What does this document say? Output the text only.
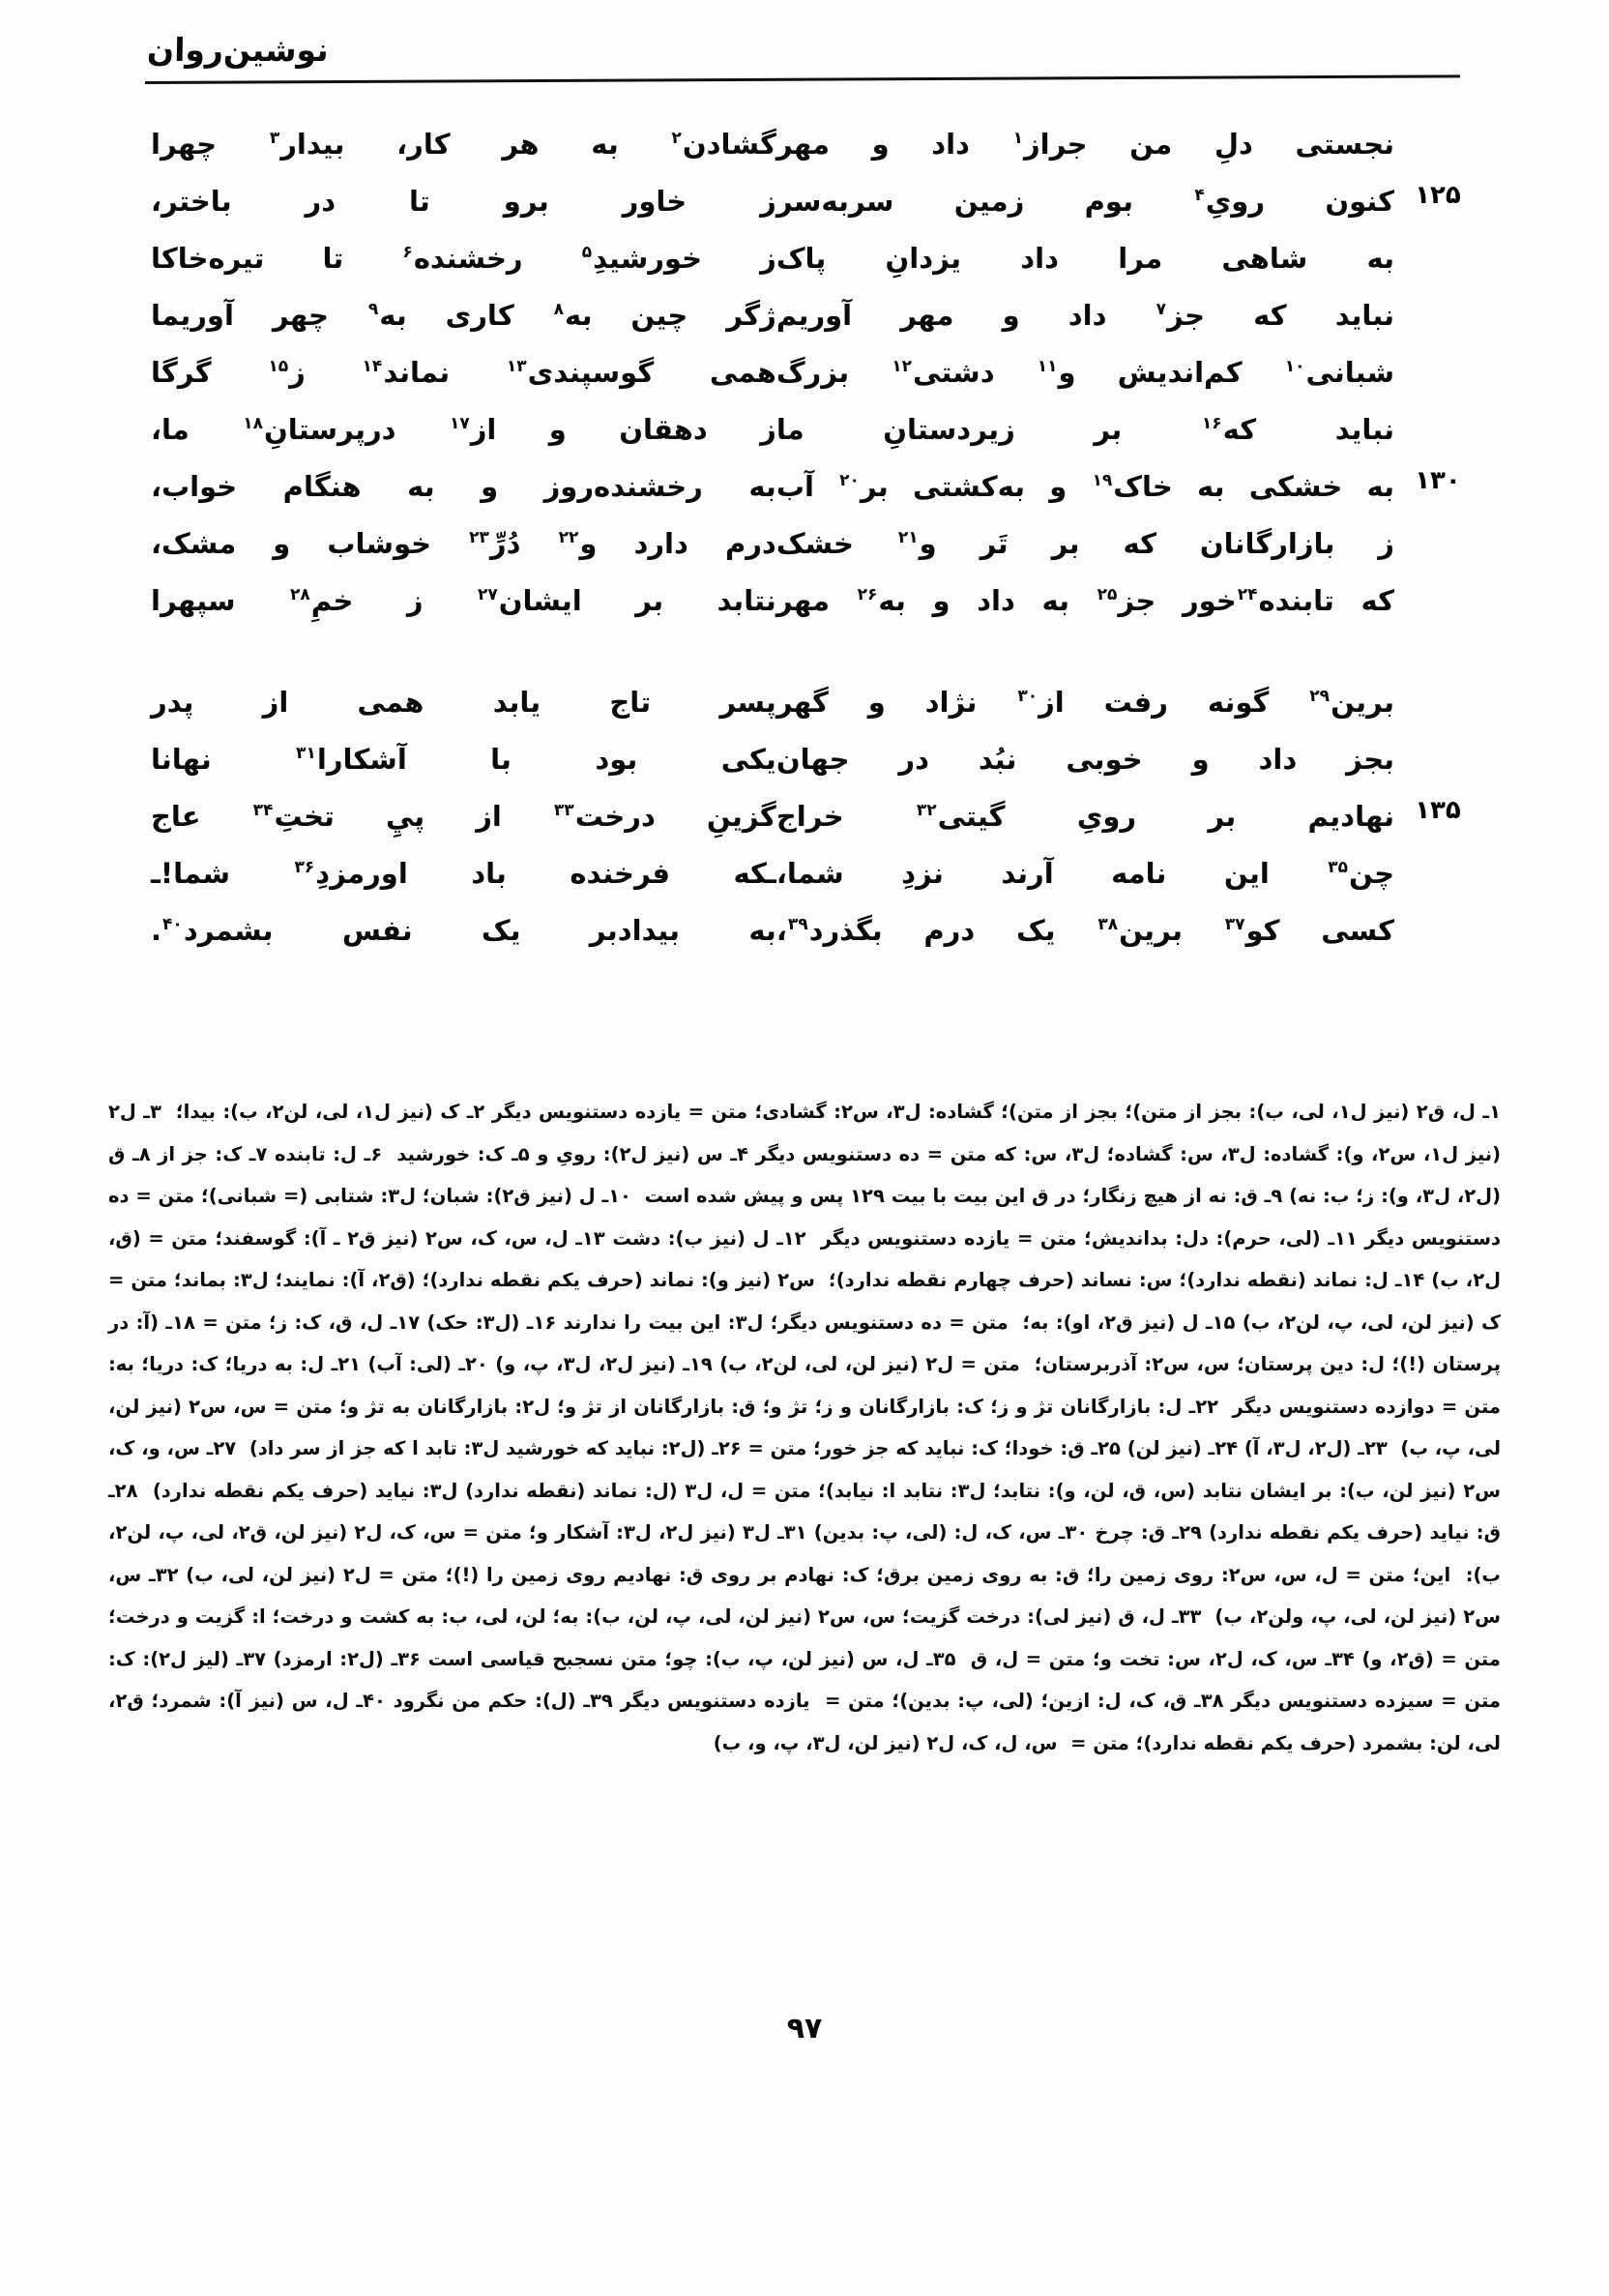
نوشین‌روان
نجستی دلِ من جراز$^۱$ داد و مهر
گشادن$^۲$ به هر کار، بیدار$^۳$ چهرا
۱۲۵
کنون رویِ$^۴$ بوم زمین سربه‌سر
ز خاور برو تا در باختر،
به شاهی مرا داد یزدانِ پاک
ز خورشیدِ$^۵$ رخشنده$^۶$ تا تیره‌خاکا
نباید که جز$^۷$ داد و مهر آوریم
ژگر چین به$^۸$ کاری به$^۹$ چهر آوریما
شبانی$^{۱۰}$ کم‌اندیش و$^{۱۱}$ دشتی$^{۱۲}$ بزرگ
همی گوسپندی$^{۱۳}$ نماند$^{۱۴}$ ز$^{۱۵}$ گرگا
نباید که$^{۱۶}$ بر زیردستانِ ما
ز دهقان و از$^{۱۷}$ درپرستانِ$^{۱۸}$ ما،
۱۳۰
به خشکی به خاک$^{۱۹}$ و به‌کشتی بر$^{۲۰}$ آب
به رخشنده‌روز و به هنگام خواب،
ز بازارگانان که بر تَر و$^{۲۱}$ خشک
درم دارد و$^{۲۲}$ دُرِّ$^{۲۳}$ خوشاب و مشک،
که تابنده$^{۲۴}$خور جز$^{۲۵}$ به داد و به$^{۲۶}$ مهر
نتابد بر ایشان$^{۲۷}$ ز خمِ$^{۲۸}$ سپهرا
برین$^{۲۹}$ گونه رفت از$^{۳۰}$ نژاد و گهر
پسر تاج یابد همی از پدر
بجز داد و خوبی نبُد در جهان
یکی بود با آشکارا$^{۳۱}$ نهانا
۱۳۵
نهادیم بر رویِ گیتی$^{۳۲}$ خراج
گزینِ درخت$^{۳۳}$ از پيِ تختِ$^{۳۴}$ عاج
چن$^{۳۵}$ این نامه آرند نزدِ شما،
ـکه فرخنده باد اورمزدِ$^{۳۶}$ شما!ـ
کسی کو$^{۳۷}$ برین$^{۳۸}$ یک درم بگذرد$^{۳۹}$،
به بیدادبر یک نفس بشمرد$^{۴۰}$.
۱ـ ل، ق۲ (نیز ل۱، لی، ب): بجز از متن)؛ بجز از متن)؛ گشاده: ل۳، س۲: گشادی؛ متن = یازده دستنویس دیگر ۲ـ ک (نیز ل۱، لی، لن۲، ب): بیدا؛۳ـ ل۲ (نیز ل۱، س۲، و): گشاده: ل۳، س: گشاده؛ ل۳، س: که متن = ده دستنویس دیگر ۴ـ س (نیز ل۲): رویِ و ۵ـ ک: خورشید۶ـ ل: تابنده ۷ـ ک: جز از ۸ـ ق (ل۲، ل۳، و): ز؛ ب: نه) ۹ـ ق: نه از هیچ زنگار؛ در ق این بیت با بیت ۱۲۹ پس و پیش شده است۱۰ـ ل (نیز ق۲): شبان؛ ل۳: شتابی (= شبانی)؛ متن = ده دستنویس دیگر ۱۱ـ (لی، حرم): دل: بداندیش؛ متن = یازده دستنویس دیگر۱۲ـ ل (نیز ب): دشت ۱۳ـ ل، س، ک، س۲ (نیز ق۲ ـ آ): گوسفند؛ متن = (ق، ل۲، ب) ۱۴ـ ل: نماند (نقطه ندارد)؛ س: نساند (حرف چهارم نقطه ندارد)؛س۲ (نیز و): نماند (حرف یکم نقطه ندارد)؛ (ق۲، آ): نمایند؛ ل۳: بماند؛ متن = ک (نیز لن، لی، پ، لن۲، ب) ۱۵ـ ل (نیز ق۲، او): به؛متن = ده دستنویس دیگر؛ ل۳: این بیت را ندارند ۱۶ـ (ل۳: حک) ۱۷ـ ل، ق، ک: ز؛ متن = ۱۸ـ (آ: در پرستان (!)؛ ل: دین پرستان؛ س، س۲: آذربرستان؛متن = ل۲ (نیز لن، لی، لن۲، ب) ۱۹ـ (نیز ل۲، ل۳، پ، و) ۲۰ـ (لی: آب) ۲۱ـ ل: به دریا؛ ک: دریا؛ به: متن = دوازده دستنویس دیگر۲۲ـ ل: بازارگانان تژ و ز؛ ک: بازارگانان و ز؛ تژ و؛ ق: بازارگانان از تژ و؛ ل۲: بازارگانان به تژ و؛ متن = س، س۲ (نیز لن، لی، پ، ب)۲۳ـ (ل۲، ل۳، آ) ۲۴ـ (نیز لن) ۲۵ـ ق: خودا؛ ک: نباید که جز خور؛ متن = ۲۶ـ (ل۲: نباید که خورشید ل۳: تابد ا که جز از سر داد)۲۷ـ س، و، ک، س۲ (نیز لن، ب): بر ایشان نتابد (س، ق، لن، و): نتابد؛ ل۳: نتابد ا: نیابد)؛ متن = ل، ل۳ (ل: نماند (نقطه ندارد) ل۳: نیاید (حرف یکم نقطه ندارد)۲۸ـ ق: نیاید (حرف یکم نقطه ندارد) ۲۹ـ ق: چرخ ۳۰ـ س، ک، ل: (لی، پ: بدین) ۳۱ـ ل۳ (نیز ل۲، ل۳: آشکار و؛ متن = س، ک، ل۲ (نیز لن، ق۲، لی، پ، لن۲، ب):این؛ متن = ل، س، س۲: روی زمین را؛ ق: به روی زمین برق؛ ک: نهادم بر روی ق: نهادیم روی زمین را (!)؛ متن = ل۲ (نیز لن، لی، ب) ۳۲ـ س، س۲ (نیز لن، لی، پ، ولن۲، ب)۳۳ـ ل، ق (نیز لی): درخت گزیت؛ س، س۲ (نیز لن، لی، پ، لن، ب): به؛ لن، لی، ب: به کشت و درخت؛ ا: گزیت و درخت؛ متن = (ق۲، و) ۳۴ـ س، ک، ل۲، س: تخت و؛ متن = ل، ق۳۵ـ ل، س (نیز لن، پ، ب): چو؛ متن نسجبح قیاسی است ۳۶ـ (ل۲: ارمزد) ۳۷ـ (لیز ل۲): ک: متن = سیزده دستنویس دیگر ۳۸ـ ق، ک، ل: ازین؛ (لی، پ: بدین)؛ متن =یازده دستنویس دیگر ۳۹ـ (ل): حکم من نگرود ۴۰ـ ل، س (نیز آ): شمرد؛ ق۲، لی، لن: بشمرد (حرف یکم نقطه ندارد)؛ متن =س، ل، ک، ل۲ (نیز لن، ل۳، پ، و، ب)
۹۷
